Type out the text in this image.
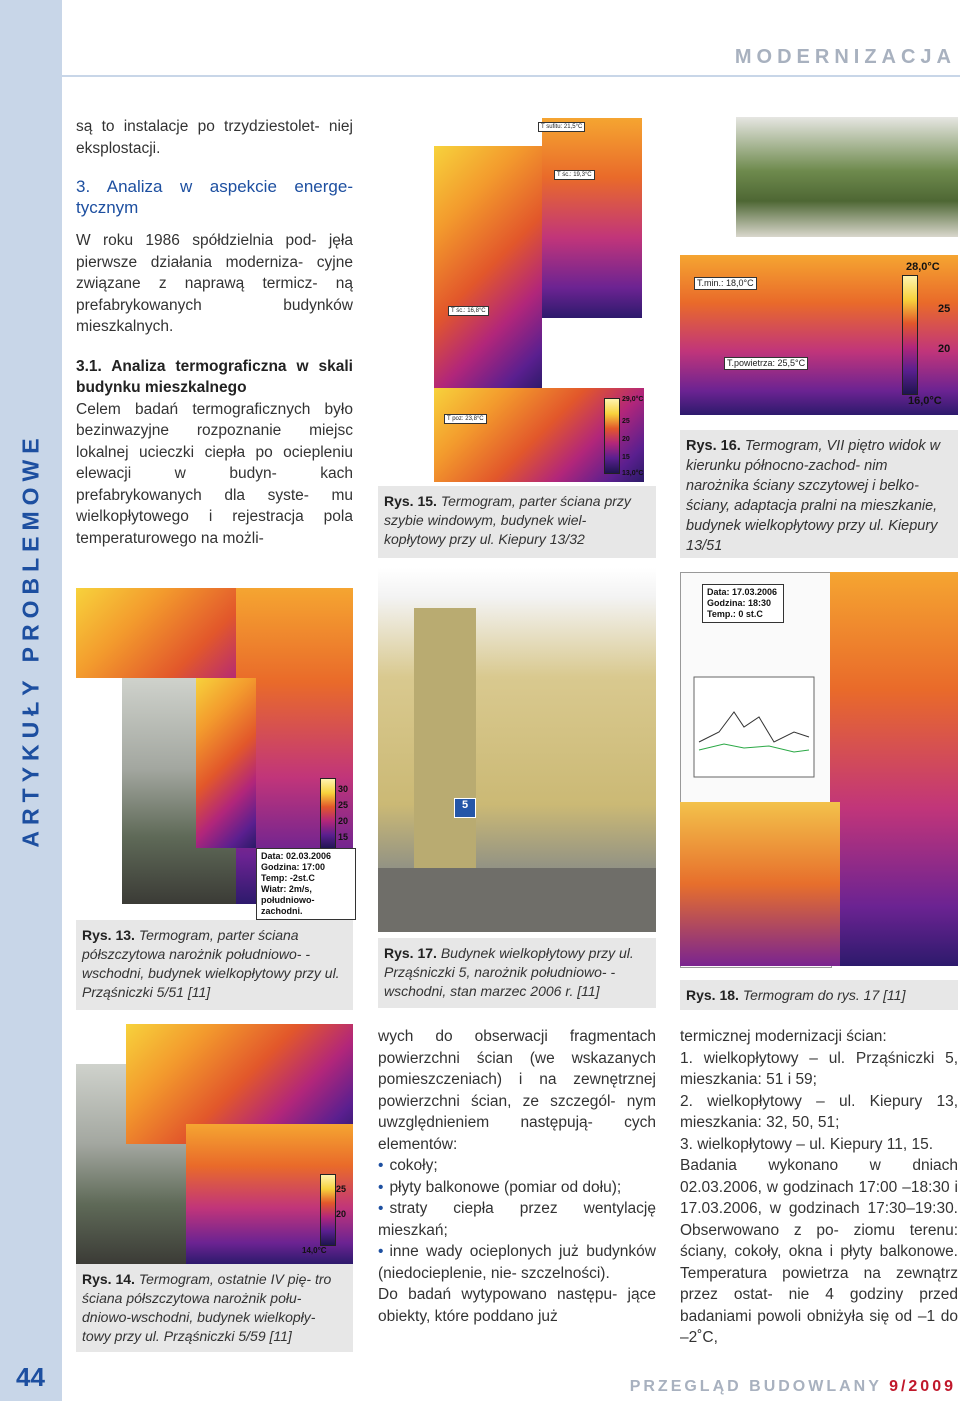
ARTYKUŁY PROBLEMOWE
MODERNIZACJA

są to instalacje po trzydziestolet- niej eksplostacji.

3. Analiza w aspekcie energe- tycznym

W roku 1986 spółdzielnia pod- jęła pierwsze działania moderniza- cyjne związane z naprawą termicz- ną prefabrykowanych budynków mieszkalnych.

3.1. Analiza termograficzna w skali budynku mieszkalnego

Celem badań termograficznych było bezinwazyjne rozpoznanie miejsc lokalnej ucieczki ciepła po ociepleniu elewacji w budyn- kach prefabrykowanych dla syste- mu wielkopłytowego i rejestracja pola temperaturowego na możli-

30
25
20
15
Data: 02.03.2006
Godzina: 17:00
Temp: -2st.C
Wiatr: 2m/s,
południowo- zachodni.
Rys. 13. Termogram, parter ściana półszczytowa narożnik południowo- -wschodni, budynek wielkopłytowy przy ul. Prząśniczki 5/51 [11]
25
20
14,0°C
Rys. 14. Termogram, ostatnie IV pię- tro ściana półszczytowa narożnik połu- dniowo-wschodni, budynek wielkopły- towy przy ul. Prząśniczki 5/59 [11]
T sufitu: 21,5°C
T śc.: 19,3°C
T śc.: 16,8°C
T poz: 23,8°C
29,0°C
25
20
15
13,0°C
Rys. 15. Termogram, parter ściana przy szybie windowym, budynek wiel- kopłytowy przy ul. Kiepury 13/32
T.min.: 18,0°C
T.powietrza: 25,5°C
28,0°C
25
20
16,0°C
Rys. 16. Termogram, VII piętro widok w kierunku północno-zachod- nim narożnika ściany szczytowej i belko-ściany, adaptacja pralni na mieszkanie, budynek wielkopłytowy przy ul. Kiepury 13/51
5
Rys. 17. Budynek wielkopłytowy przy ul. Prząśniczki 5, narożnik południowo- -wschodni, stan marzec 2006 r. [11]
Data: 17.03.2006
Godzina: 18:30
Temp.: 0 st.C
Rys. 18. Termogram do rys. 17 [11]

wych do obserwacji fragmentach powierzchni ścian (we wskazanych pomieszczeniach) i na zewnętrznej powierzchni ścian, ze szczegól- nym uwzględnieniem następują- cych elementów:

• cokoły;

• płyty balkonowe (pomiar od dołu);

• straty ciepła przez wentylację mieszkań;

• inne wady ocieplonych już budynków (niedocieplenie, nie- szczelności).

Do badań wytypowano następu- jące obiekty, które poddano już

termicznej modernizacji ścian:

1. wielkopłytowy – ul. Prząśniczki 5, mieszkania: 51 i 59;

2. wielkopłytowy – ul. Kiepury 13, mieszkania: 32, 50, 51;

3. wielkopłytowy – ul. Kiepury 11, 15.

Badania wykonano w dniach 02.03.2006, w godzinach 17:00 –18:30 i 17.03.2006, w godzinach 17:30–19:30. Obserwowano z po- ziomu terenu: ściany, cokoły, okna i płyty balkonowe. Temperatura powietrza na zewnątrz przez ostat- nie 4 godziny przed badaniami powoli obniżyła się od –1 do –2˚C,

44	PRZEGLĄD BUDOWLANY 9/2009
